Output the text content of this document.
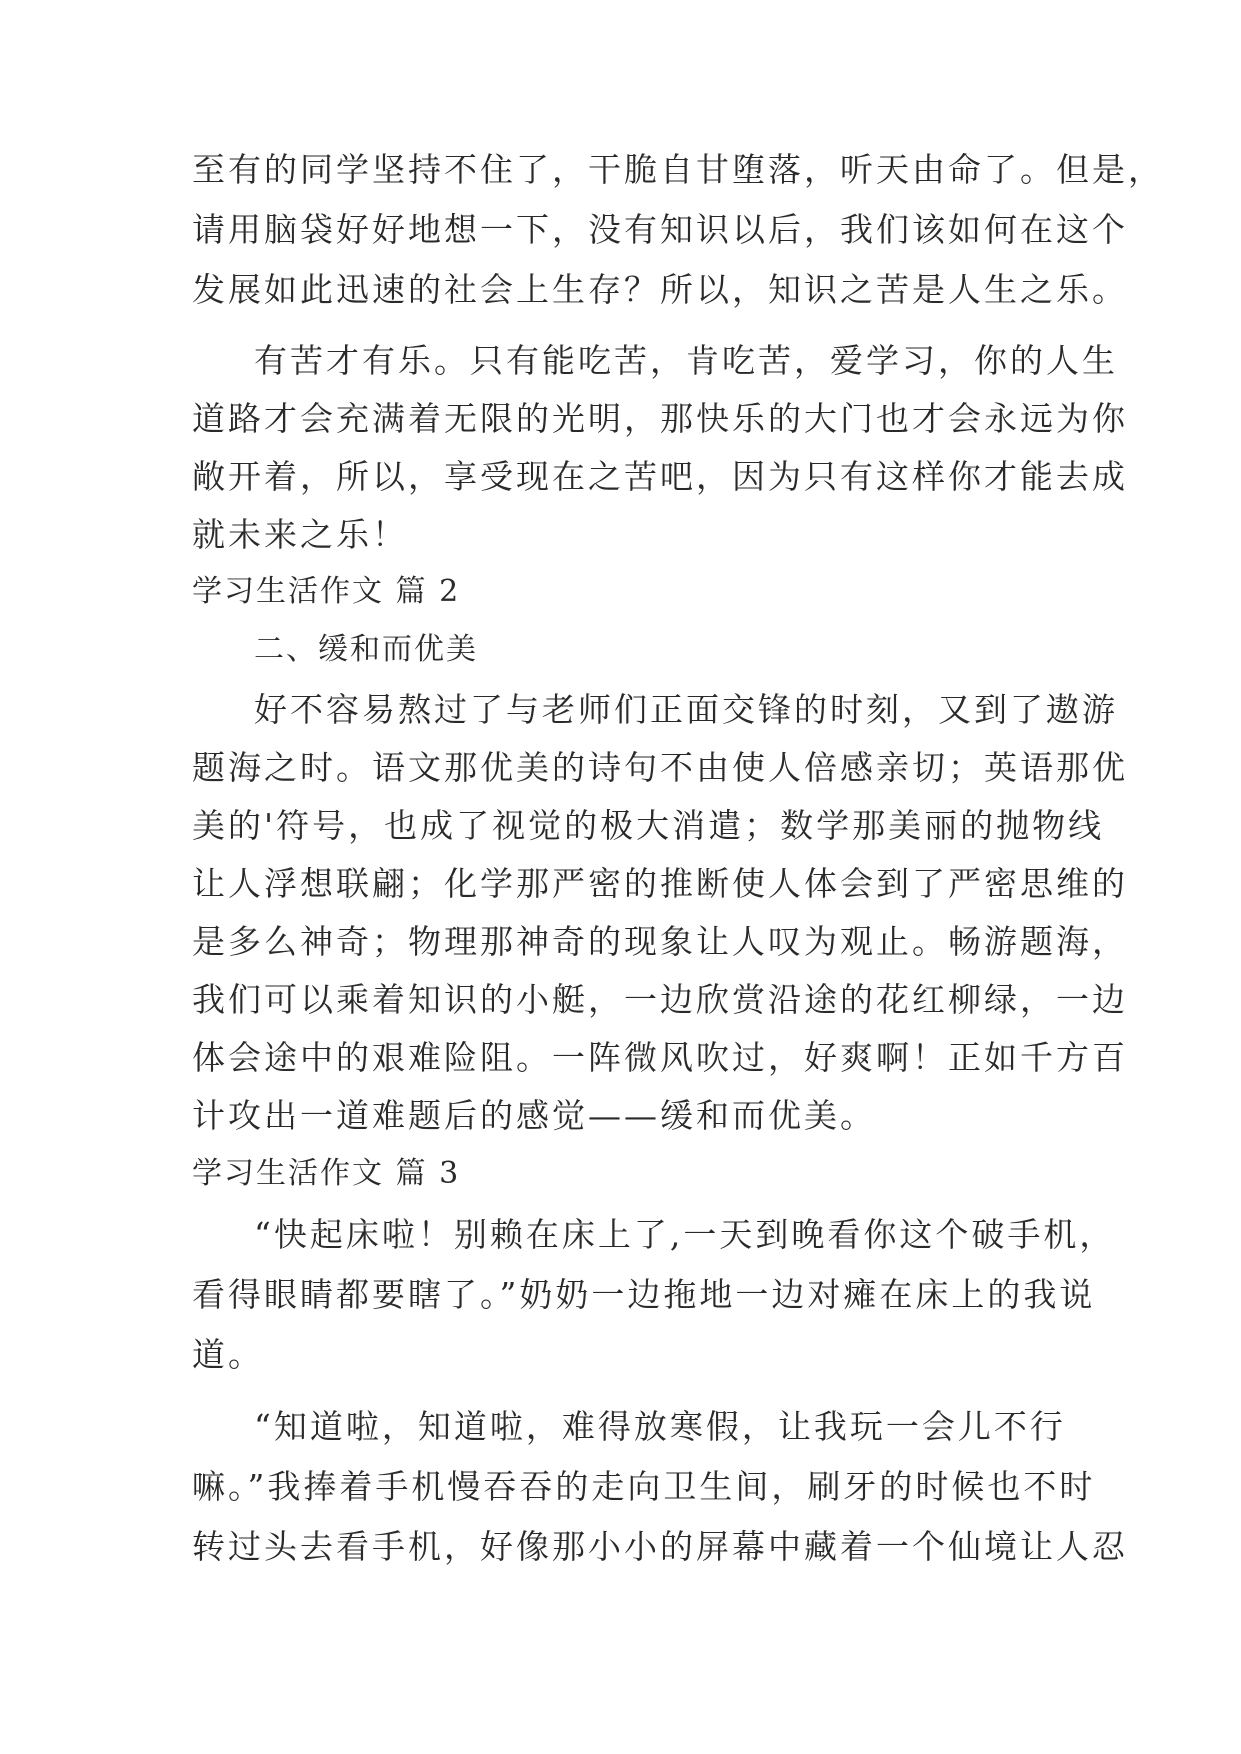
至有的同学坚持不住了，干脆自甘堕落，听天由命了。但是，

请用脑袋好好地想一下，没有知识以后，我们该如何在这个

发展如此迅速的社会上生存？所以，知识之苦是人生之乐。

有苦才有乐。只有能吃苦，肯吃苦，爱学习，你的人生

道路才会充满着无限的光明，那快乐的大门也才会永远为你

敞开着，所以，享受现在之苦吧，因为只有这样你才能去成

就未来之乐！

学习生活作文 篇 2

二、缓和而优美

好不容易熬过了与老师们正面交锋的时刻，又到了遨游

题海之时。语文那优美的诗句不由使人倍感亲切；英语那优

美的'符号，也成了视觉的极大消遣；数学那美丽的抛物线

让人浮想联翩；化学那严密的推断使人体会到了严密思维的

是多么神奇；物理那神奇的现象让人叹为观止。畅游题海，

我们可以乘着知识的小艇，一边欣赏沿途的花红柳绿，一边

体会途中的艰难险阻。一阵微风吹过，好爽啊！正如千方百

计攻出一道难题后的感觉——缓和而优美。

学习生活作文 篇 3

“快起床啦！别赖在床上了,一天到晚看你这个破手机，

看得眼睛都要瞎了。”奶奶一边拖地一边对瘫在床上的我说

道。

“知道啦，知道啦，难得放寒假，让我玩一会儿不行

嘛。”我捧着手机慢吞吞的走向卫生间，刷牙的时候也不时

转过头去看手机，好像那小小的屏幕中藏着一个仙境让人忍
